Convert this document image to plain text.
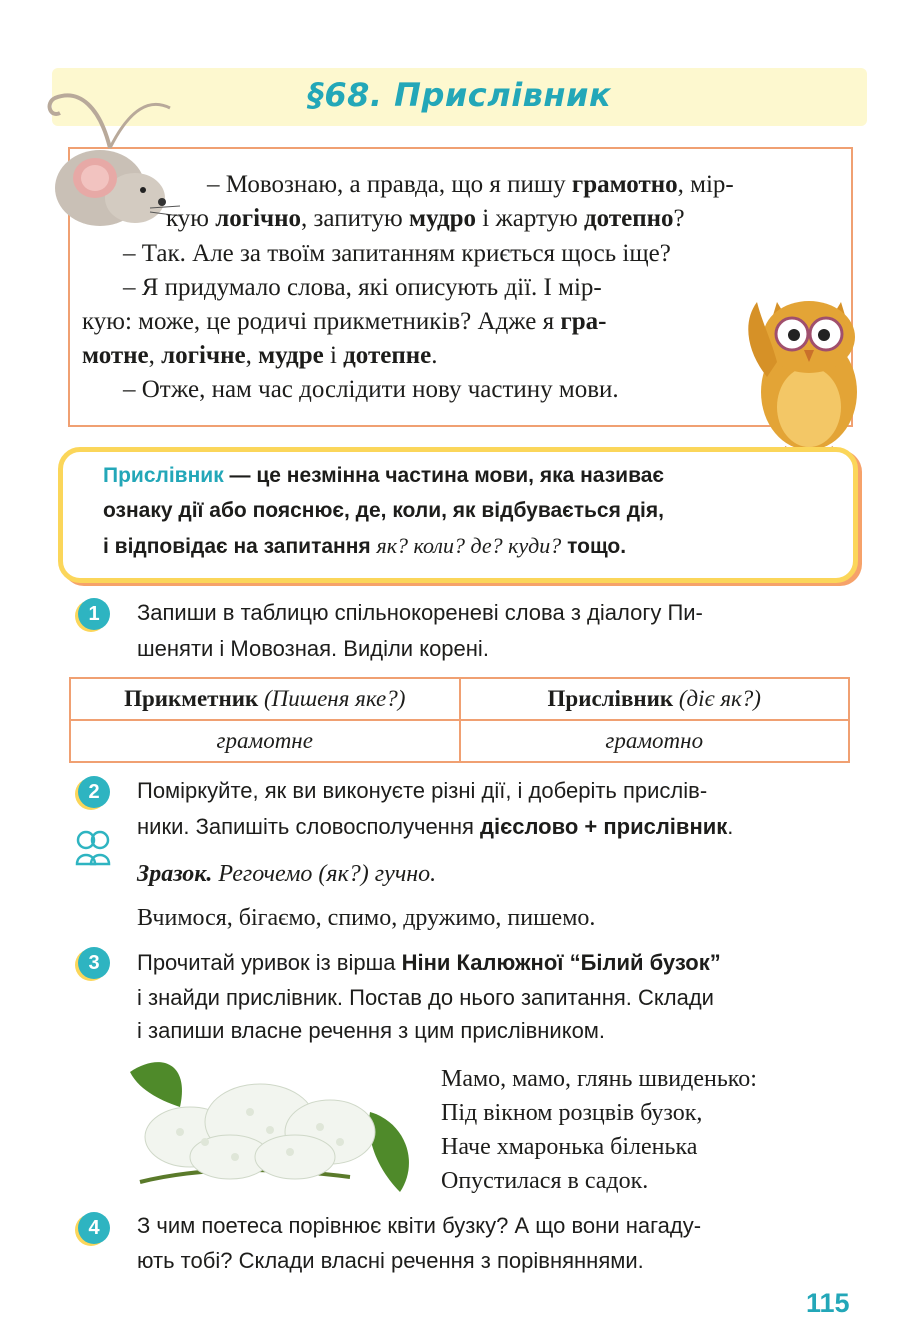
§68. Прислівник
– Мовознаю, а правда, що я пишу грамотно, мір-
кую логічно, запитую мудро і жартую дотепно?
– Так. Але за твоїм запитанням криється щось іще?
– Я придумало слова, які описують дії. І мір-
кую: може, це родичі прикметників? Адже я гра-
мотне, логічне, мудре і дотепне.
– Отже, нам час дослідити нову частину мови.
Прислівник — це незмінна частина мови, яка називає
ознаку дії або пояснює, де, коли, як відбувається дія,
і відповідає на запитання як? коли? де? куди? тощо.
1	Запиши в таблицю спільнокореневі слова з діалогу Пи-
шеняти і Мовозная. Виділи корені.
Прикметник (Пишеня яке?)	Прислівник (діє як?)
грамотне	грамотно
2	Поміркуйте, як ви виконуєте різні дії, і доберіть прислів-
ники. Запишіть словосполучення дієслово + прислівник.
Зразок. Регочемо (як?) гучно.
Вчимося, бігаємо, спимо, дружимо, пишемо.
3	Прочитай уривок із вірша Ніни Калюжної “Білий бузок”
і знайди прислівник. Постав до нього запитання. Склади
і запиши власне речення з цим прислівником.
Мамо, мамо, глянь швиденько:
Під вікном розцвів бузок,
Наче хмаронька біленька
Опустилася в садок.
4	З чим поетеса порівнює квіти бузку? А що вони нагаду-
ють тобі? Склади власні речення з порівняннями.
115
